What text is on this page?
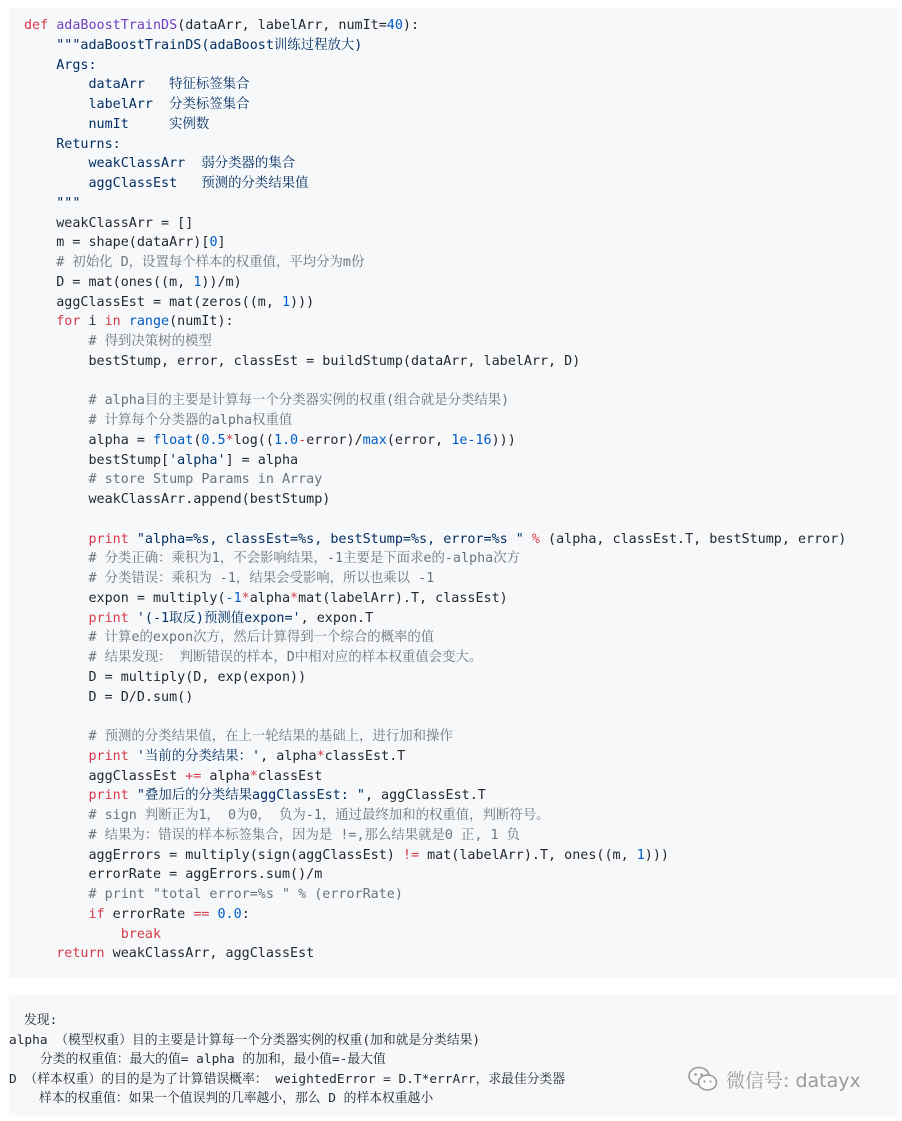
def adaBoostTrainDS(dataArr, labelArr, numIt=40):
"""adaBoostTrainDS(adaBoost训练过程放大)
Args:
dataArr   特征标签集合
labelArr  分类标签集合
numIt     实例数
Returns:
weakClassArr  弱分类器的集合
aggClassEst   预测的分类结果值
"""
weakClassArr = []
m = shape(dataArr)[0]
# 初始化 D，设置每个样本的权重值，平均分为m份
D = mat(ones((m, 1))/m)
aggClassEst = mat(zeros((m, 1)))
for i in range(numIt):
# 得到决策树的模型
bestStump, error, classEst = buildStump(dataArr, labelArr, D)
# alpha目的主要是计算每一个分类器实例的权重(组合就是分类结果)
# 计算每个分类器的alpha权重值
alpha = float(0.5*log((1.0-error)/max(error, 1e-16)))
bestStump['alpha'] = alpha
# store Stump Params in Array
weakClassArr.append(bestStump)
print "alpha=%s, classEst=%s, bestStump=%s, error=%s " % (alpha, classEst.T, bestStump, error)
# 分类正确：乘积为1，不会影响结果，-1主要是下面求e的-alpha次方
# 分类错误：乘积为 -1，结果会受影响，所以也乘以 -1
expon = multiply(-1*alpha*mat(labelArr).T, classEst)
print '(-1取反)预测值expon=', expon.T
# 计算e的expon次方，然后计算得到一个综合的概率的值
# 结果发现： 判断错误的样本，D中相对应的样本权重值会变大。
D = multiply(D, exp(expon))
D = D/D.sum()
# 预测的分类结果值，在上一轮结果的基础上，进行加和操作
print '当前的分类结果：', alpha*classEst.T
aggClassEst += alpha*classEst
print "叠加后的分类结果aggClassEst: ", aggClassEst.T
# sign 判断正为1， 0为0， 负为-1，通过最终加和的权重值，判断符号。
# 结果为：错误的样本标签集合，因为是 !=,那么结果就是0 正, 1 负
aggErrors = multiply(sign(aggClassEst) != mat(labelArr).T, ones((m, 1)))
errorRate = aggErrors.sum()/m
# print "total error=%s " % (errorRate)
if errorRate == 0.0:
break
return weakClassArr, aggClassEst
发现:
alpha （模型权重）目的主要是计算每一个分类器实例的权重(加和就是分类结果)
分类的权重值：最大的值= alpha 的加和，最小值=-最大值
D （样本权重）的目的是为了计算错误概率： weightedError = D.T*errArr，求最佳分类器
样本的权重值：如果一个值误判的几率越小，那么 D 的样本权重越小
微信号: datayx
